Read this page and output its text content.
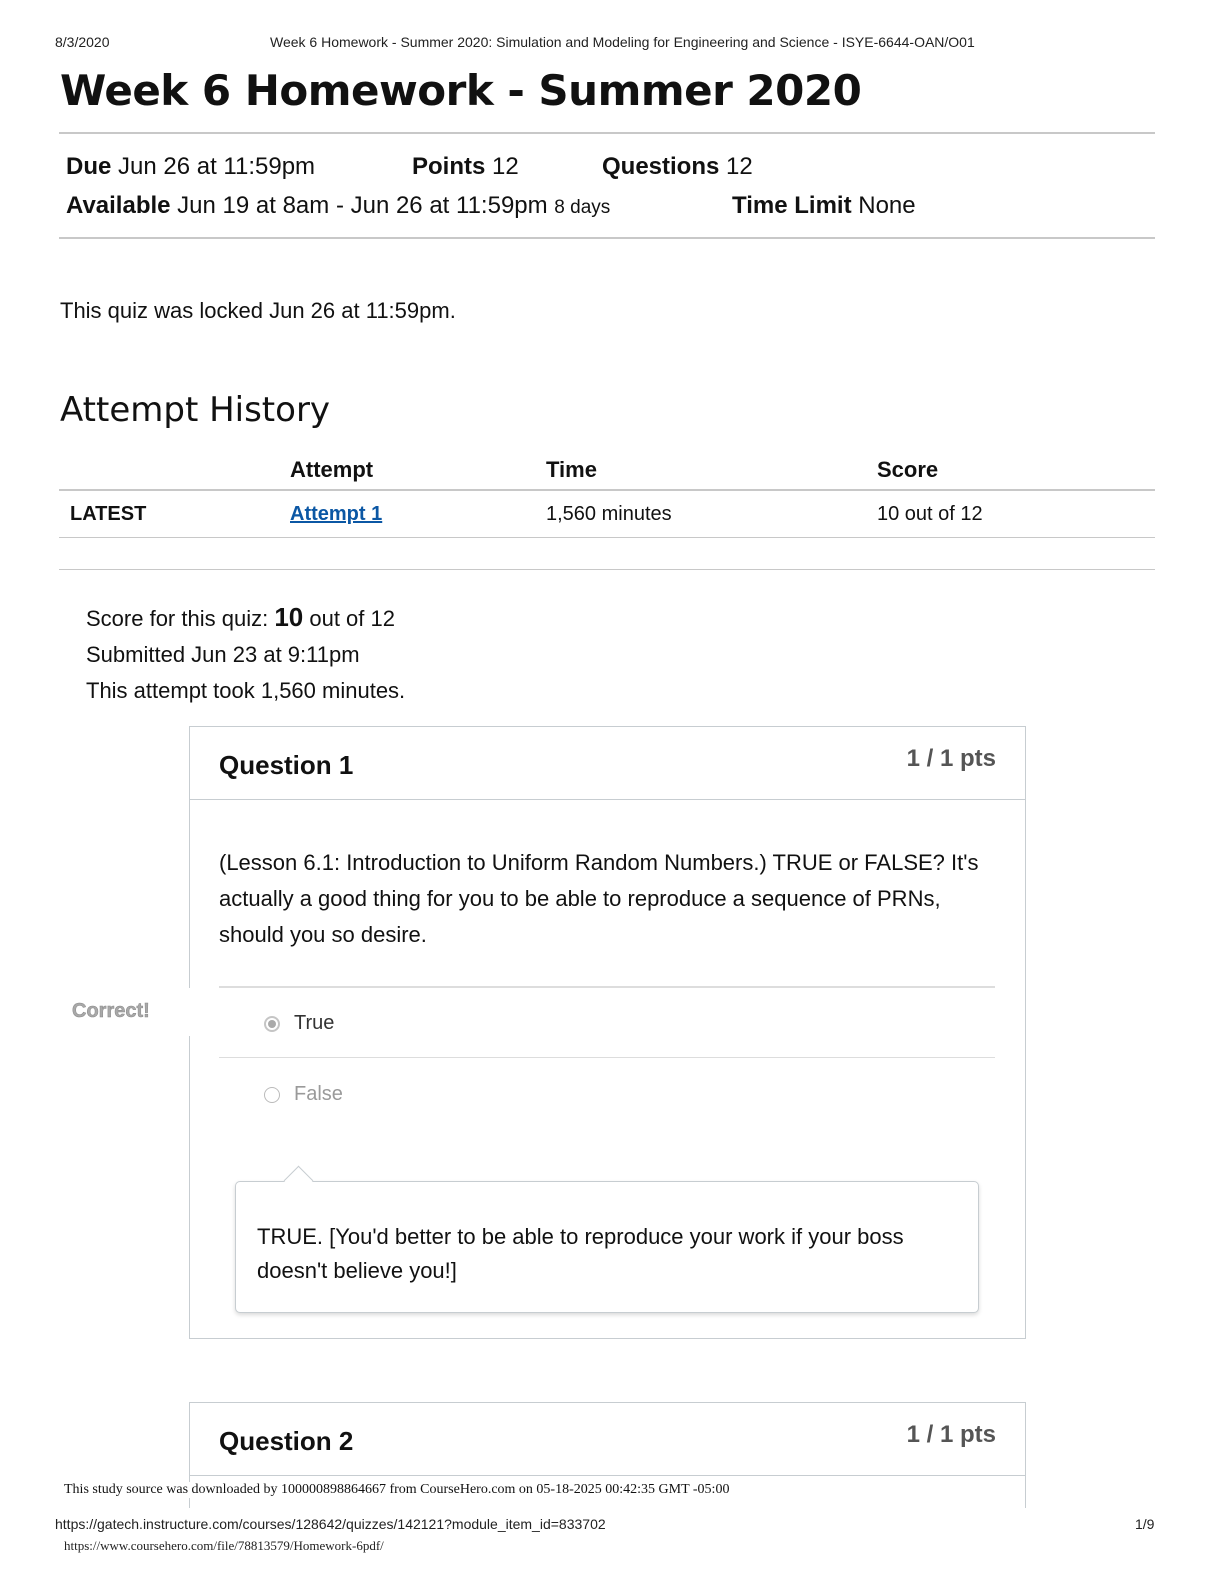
8/3/2020	Week 6 Homework - Summer 2020: Simulation and Modeling for Engineering and Science - ISYE-6644-OAN/O01
Week 6 Homework - Summer 2020
Due Jun 26 at 11:59pm	Points 12	Questions 12
Available Jun 19 at 8am - Jun 26 at 11:59pm 8 days	Time Limit None
This quiz was locked Jun 26 at 11:59pm.
Attempt History
Attempt	Time	Score
LATEST	Attempt 1	1,560 minutes	10 out of 12
Score for this quiz: 10 out of 12
Submitted Jun 23 at 9:11pm
This attempt took 1,560 minutes.
Question 1	1 / 1 pts
(Lesson 6.1: Introduction to Uniform Random Numbers.) TRUE or FALSE? It's actually a good thing for you to be able to reproduce a sequence of PRNs, should you so desire.
True
False
TRUE. [You'd better to be able to reproduce your work if your boss doesn't believe you!]
Correct!
Question 2	1 / 1 pts
This study source was downloaded by 100000898864667 from CourseHero.com on 05-18-2025 00:42:35 GMT -05:00
https://gatech.instructure.com/courses/128642/quizzes/142121?module_item_id=833702	1/9
https://www.coursehero.com/file/78813579/Homework-6pdf/
